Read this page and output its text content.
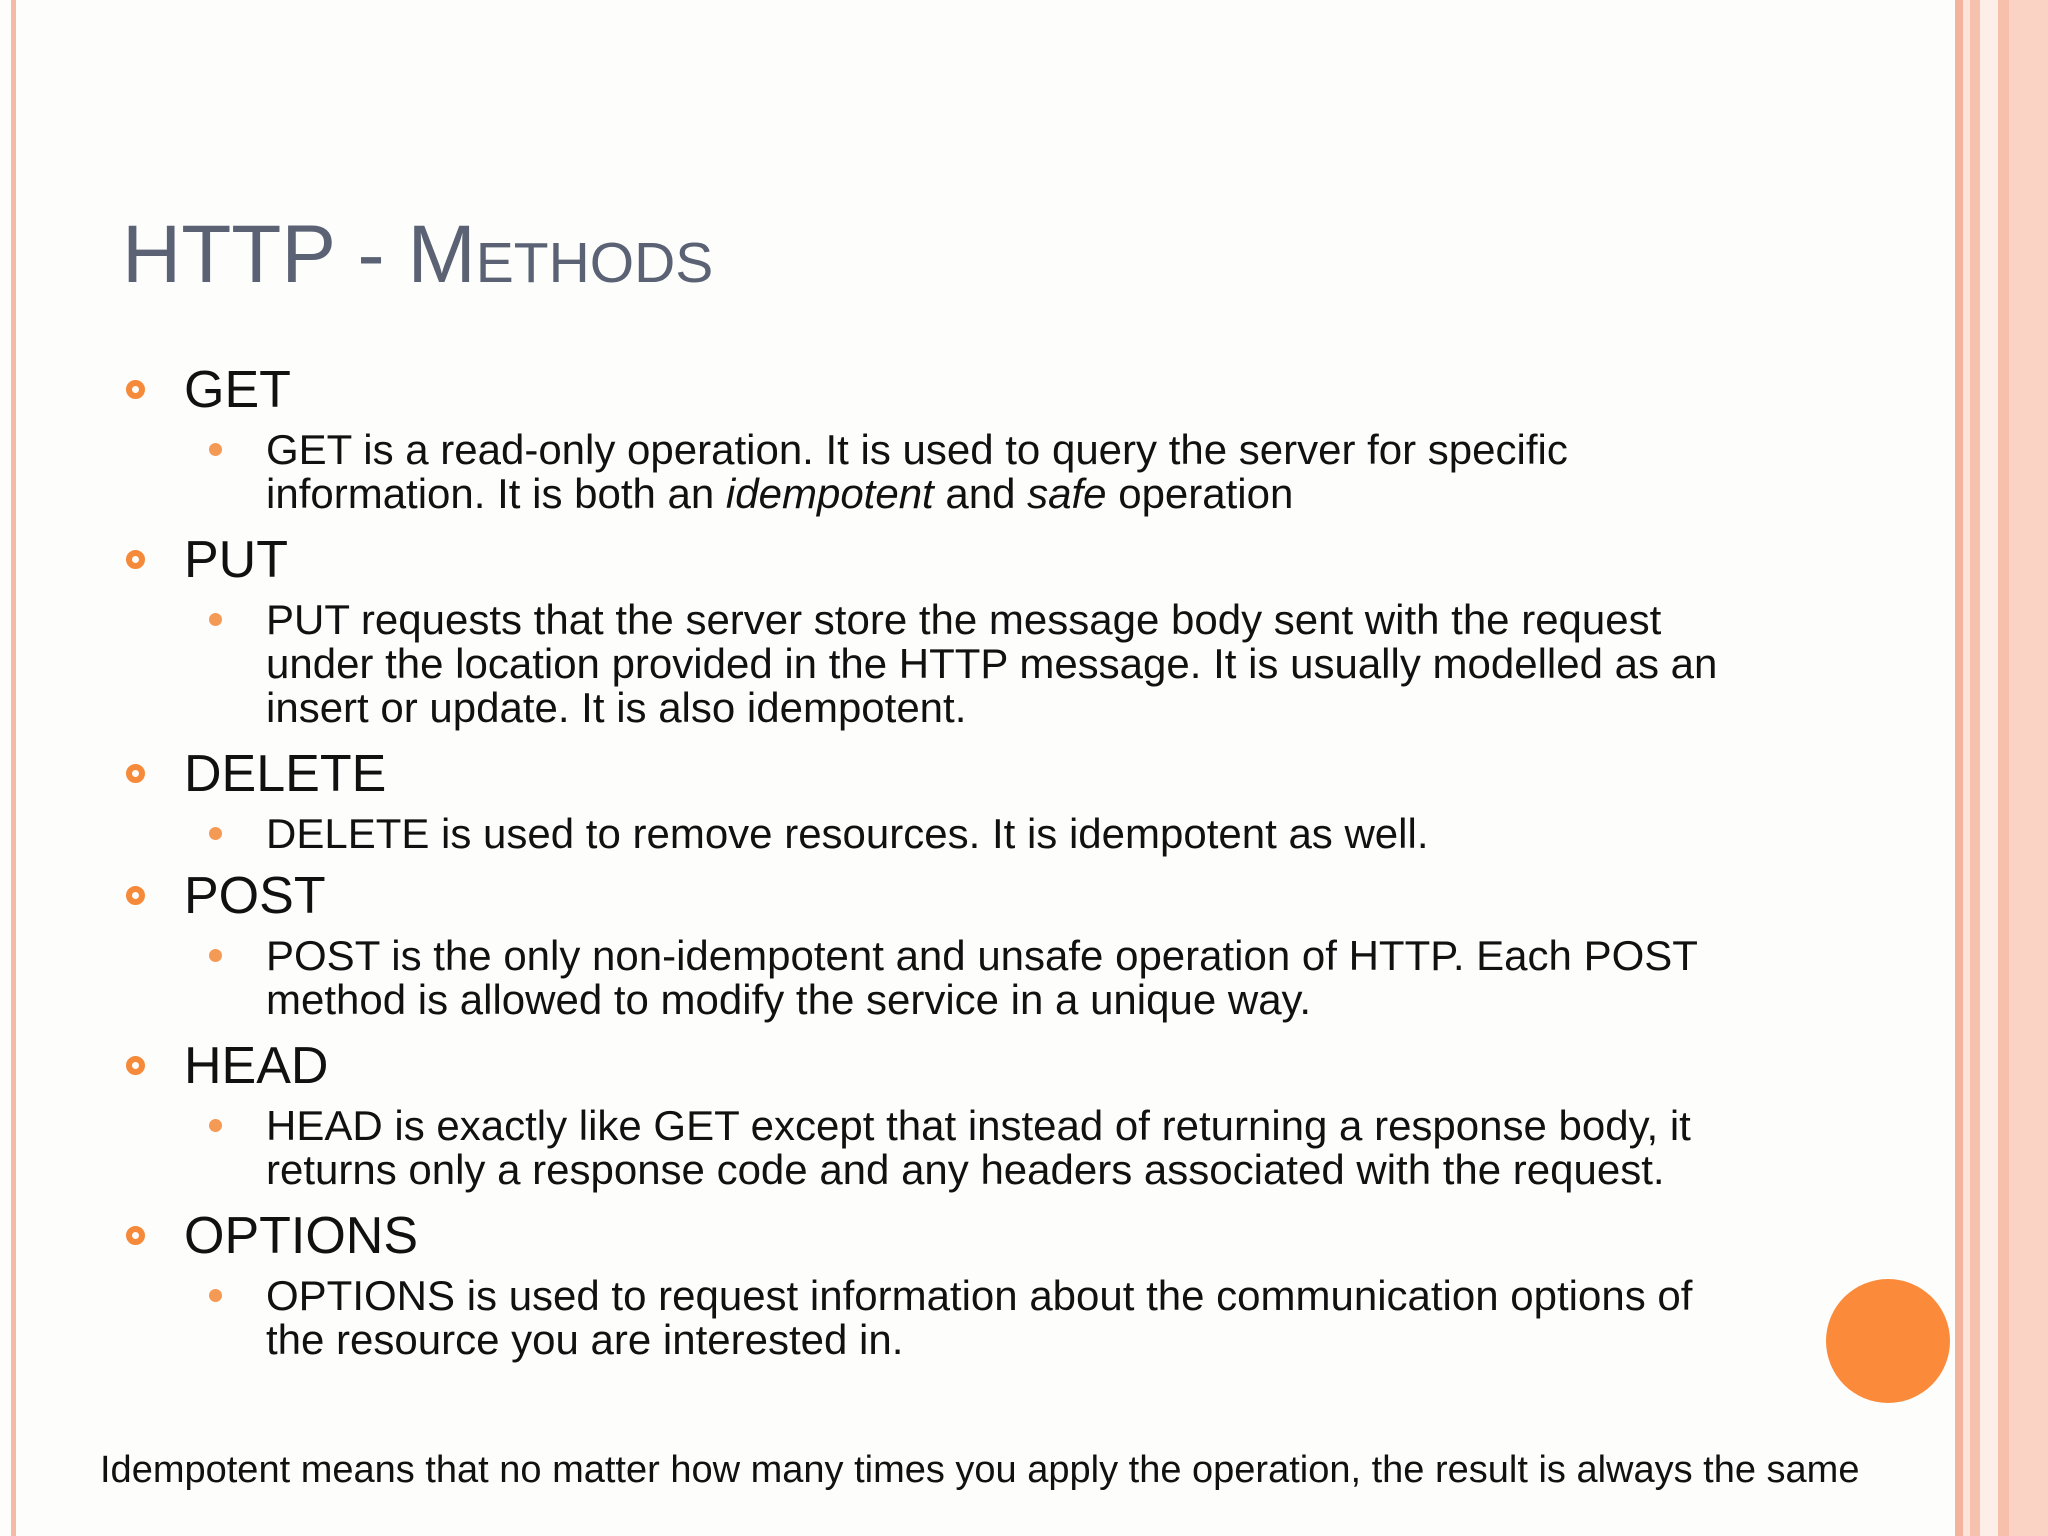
HTTP - Methods
GET
GET is a read-only operation. It is used to query the server for specific information. It is both an idempotent and safe operation
PUT
PUT requests that the server store the message body sent with the request under the location provided in the HTTP message. It is usually modelled as an insert or update. It is also idempotent.
DELETE
DELETE is used to remove resources. It is idempotent as well.
POST
POST is the only non-idempotent and unsafe operation of HTTP. Each POST method is allowed to modify the service in a unique way.
HEAD
HEAD is exactly like GET except that instead of returning a response body, it returns only a response code and any headers associated with the request.
OPTIONS
OPTIONS is used to request information about the communication options of the resource you are interested in.
Idempotent means that no matter how many times you apply the operation, the result is always the same
